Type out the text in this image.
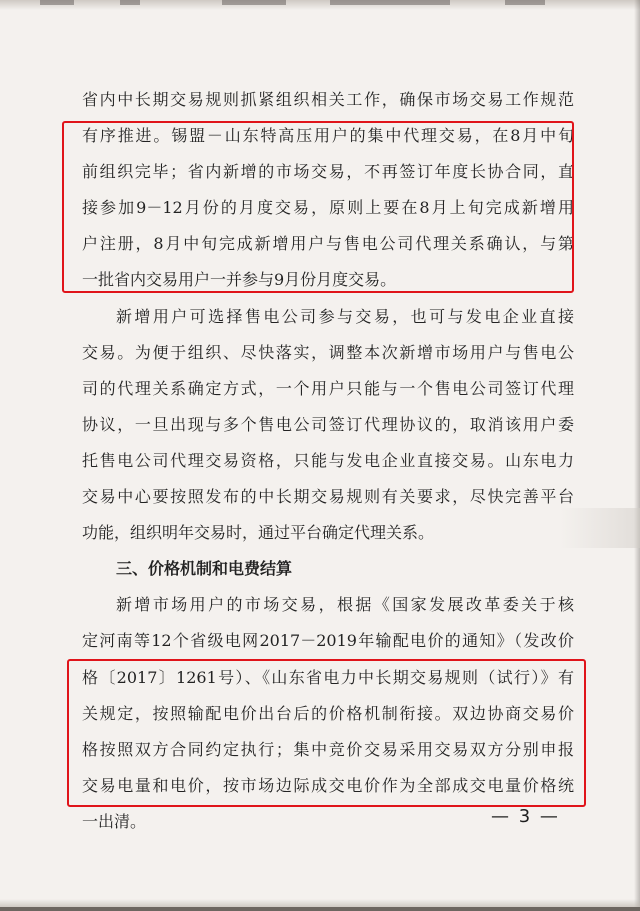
省内中长期交易规则抓紧组织相关工作，确保市场交易工作规范
有序推进。锡盟－山东特高压用户的集中代理交易，在8月中旬
前组织完毕；省内新增的市场交易，不再签订年度长协合同，直
接参加9－12月份的月度交易，原则上要在8月上旬完成新增用
户注册，8月中旬完成新增用户与售电公司代理关系确认，与第
一批省内交易用户一并参与9月份月度交易。
新增用户可选择售电公司参与交易，也可与发电企业直接
交易。为便于组织、尽快落实，调整本次新增市场用户与售电公
司的代理关系确定方式，一个用户只能与一个售电公司签订代理
协议，一旦出现与多个售电公司签订代理协议的，取消该用户委
托售电公司代理交易资格，只能与发电企业直接交易。山东电力
交易中心要按照发布的中长期交易规则有关要求，尽快完善平台
功能，组织明年交易时，通过平台确定代理关系。
三、价格机制和电费结算
新增市场用户的市场交易，根据《国家发展改革委关于核
定河南等12个省级电网2017－2019年输配电价的通知》（发改价
格〔2017〕1261号）、《山东省电力中长期交易规则（试行）》有
关规定，按照输配电价出台后的价格机制衔接。双边协商交易价
格按照双方合同约定执行；集中竞价交易采用交易双方分别申报
交易电量和电价，按市场边际成交电价作为全部成交电量价格统
一出清。	— 3 —
